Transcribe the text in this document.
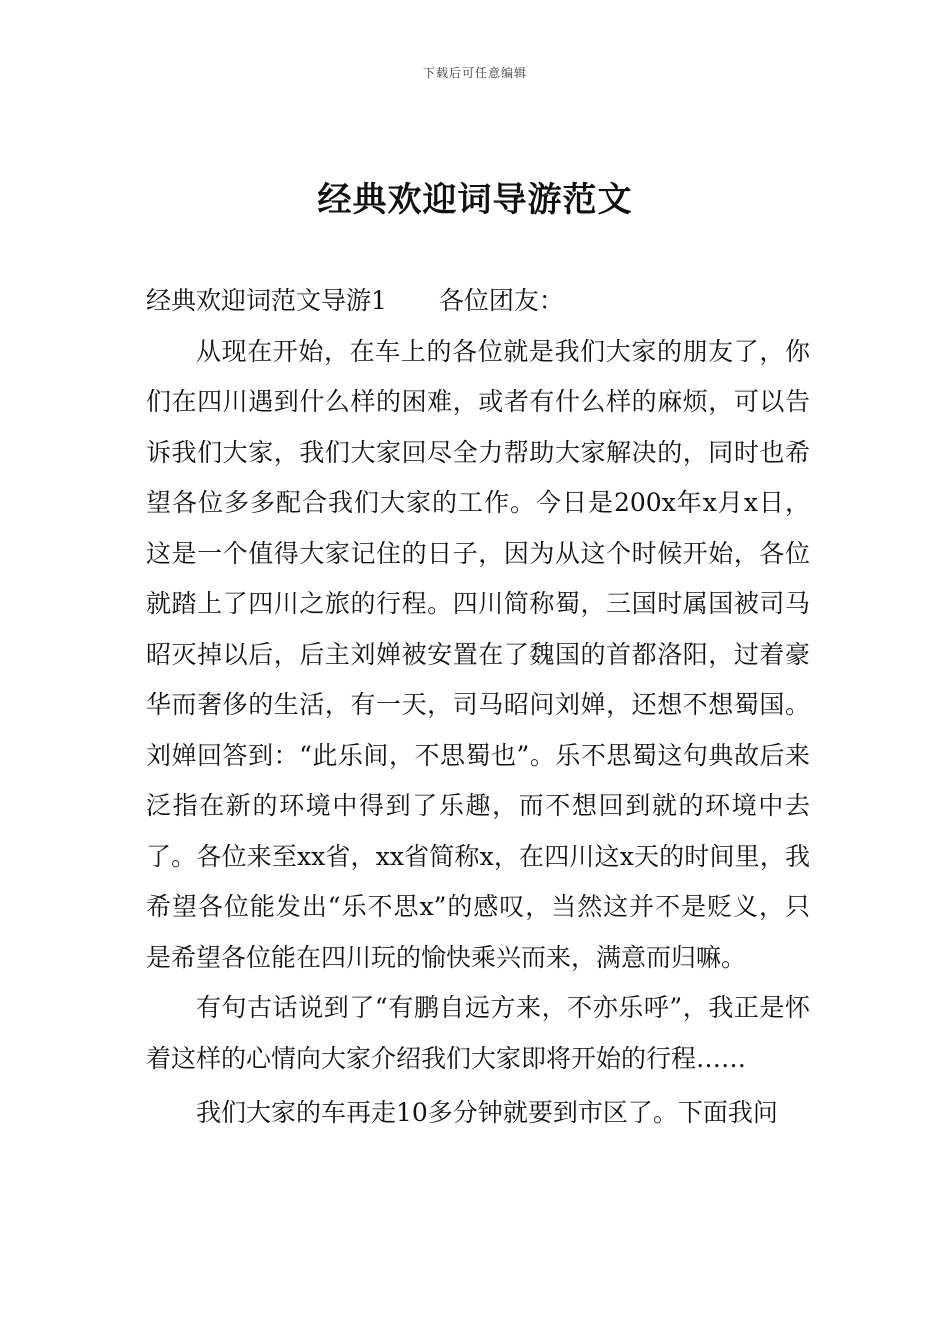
下载后可任意编辑
经典欢迎词导游范文

经典欢迎词范文导游1 各位团友：

从现在开始，在车上的各位就是我们大家的朋友了，你们在四川遇到什么样的困难，或者有什么样的麻烦，可以告诉我们大家，我们大家回尽全力帮助大家解决的，同时也希望各位多多配合我们大家的工作。今日是200x年x月x日，这是一个值得大家记住的日子，因为从这个时候开始，各位就踏上了四川之旅的行程。四川简称蜀，三国时属国被司马昭灭掉以后，后主刘婵被安置在了魏国的首都洛阳，过着豪华而奢侈的生活，有一天，司马昭问刘婵，还想不想蜀国。刘婵回答到：“此乐间，不思蜀也”。乐不思蜀这句典故后来泛指在新的环境中得到了乐趣，而不想回到就的环境中去了。各位来至xx省，xx省简称x，在四川这x天的时间里，我希望各位能发出“乐不思x”的感叹，当然这并不是贬义，只是希望各位能在四川玩的愉快乘兴而来，满意而归嘛。

有句古话说到了“有鹏自远方来，不亦乐呼”，我正是怀着这样的心情向大家介绍我们大家即将开始的行程……

我们大家的车再走10多分钟就要到市区了。下面我问
